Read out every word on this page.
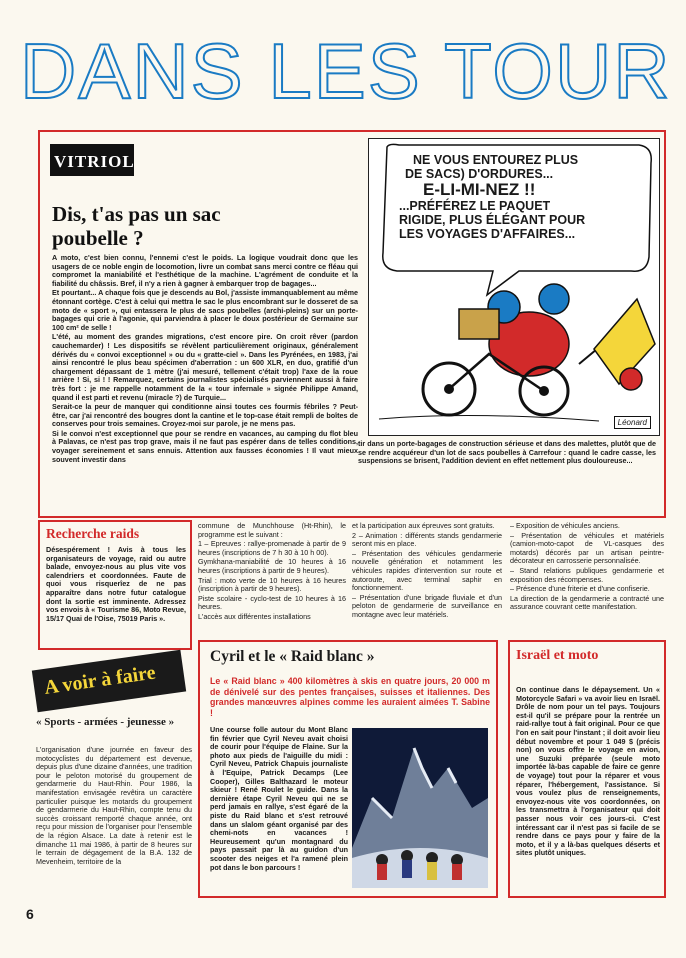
DANS LES TOUR
VITRIOL
Dis, t'as pas un sac poubelle ?
NE VOUS ENTOUREZ PLUS
DE SACS) D'ORDURES...
E-LI-MI-NEZ !!
...PRÉFÉREZ LE PAQUET
RIGIDE, PLUS ÉLÉGANT POUR
LES VOYAGES D'AFFAIRES...
Léonard

A moto, c'est bien connu, l'ennemi c'est le poids. La logique voudrait donc que les usagers de ce noble engin de locomotion, livre un combat sans merci contre ce fléau qui compromet la maniabilité et l'esthétique de la machine. L'agrément de conduite et la fiabilité du châssis. Bref, il n'y a rien à gagner à embarquer trop de bagages...

Et pourtant... A chaque fois que je descends au Bol, j'assiste immanquablement au même étonnant cortège. C'est à celui qui mettra le sac le plus encombrant sur le dosseret de sa moto de « sport », qui entassera le plus de sacs poubelles (archi-pleins) sur un porte-bagages qui crie à l'agonie, qui parviendra à placer le doux postérieur de Germaine sur 100 cm² de selle !

L'été, au moment des grandes migrations, c'est encore pire. On croit rêver (pardon cauchemarder) ! Les dispositifs se révèlent particulièrement originaux, généralement dérivés du « convoi exceptionnel » ou du « gratte-ciel ». Dans les Pyrénées, en 1983, j'ai ainsi rencontré le plus beau spécimen d'aberration : un 600 XLR, en duo, gratifié d'un chargement dépassant de 1 mètre (j'ai mesuré, tellement c'était trop) l'axe de la roue arrière ! Si, si ! ! Remarquez, certains journalistes spécialisés parviennent aussi à faire très fort : je me rappelle notamment de la « tour infernale » signée Philippe Amand, quand il est parti et revenu (miracle ?) de Turquie...

Serait-ce la peur de manquer qui conditionne ainsi toutes ces fourmis fébriles ? Peut-être, car j'ai rencontré des bougres dont la cantine et le top-case était rempli de boîtes de conserves pour trois semaines. Croyez-moi sur parole, je ne mens pas.

Si le convoi n'est exceptionnel que pour se rendre en vacances, au camping du flot bleu à Palavas, ce n'est pas trop grave, mais il ne faut pas espérer dans de telles conditions, voyager sereinement et sans ennuis. Attention aux fausses économies ! Il vaut mieux souvent investir dans

tir dans un porte-bagages de construction sérieuse et dans des malettes, plutôt que de se rendre acquéreur d'un lot de sacs poubelles à Carrefour : quand le cadre casse, les suspensions se brisent, l'addition devient en effet nettement plus douloureuse...
Recherche raids
Désespérement ! Avis à tous les organisateurs de voyage, raid ou autre balade, envoyez-nous au plus vite vos calendriers et coordonnées. Faute de quoi vous risquerîez de ne pas apparaître dans notre futur catalogue dont la sortie est imminente. Adressez vos envois à « Tourisme 86, Moto Revue, 15/17 Quai de l'Oise, 75019 Paris ».

commune de Munchhouse (Ht-Rhin), le programme est le suivant :

1 – Epreuves : rallye-promenade à partir de 9 heures (inscriptions de 7 h 30 à 10 h 00).

Gymkhana-maniabilité de 10 heures à 16 heures (inscriptions à partir de 9 heures).

Trial : moto verte de 10 heures à 16 heures (inscription à partir de 9 heures).

Piste scolaire - cyclo-test de 10 heures à 16 heures.

L'accès aux différentes installations

et la participation aux épreuves sont gratuits.

2 – Animation : différents stands gendarmerie seront mis en place.

– Présentation des véhicules gendarmerie nouvelle génération et notamment les véhicules rapides d'intervention sur route et autoroute, avec terminal saphir en fonctionnement.

– Présentation d'une brigade fluviale et d'un peloton de gendarmerie de surveillance en montagne avec leur matériels.

– Exposition de véhicules anciens.

– Présentation de véhicules et matériels (camion-moto-capot de VL-casques des motards) décorés par un artisan peintre-décorateur en carrosserie personnalisée.

– Stand relations publiques gendarmerie et exposition des récompenses.

– Présence d'une friterie et d'une confiserie.

La direction de la gendarmerie a contracté une assurance couvrant cette manifestation.

A voir à faire
« Sports - armées - jeunesse »
L'organisation d'une journée en faveur des motocyclistes du département est devenue, depuis plus d'une dizaine d'années, une tradition pour le peloton motorisé du groupement de gendarmerie du Haut-Rhin. Pour 1986, la manifestation envisagée revêtira un caractère particulier puisque les motards du groupement de gendarmerie du Haut-Rhin, compte tenu du succès croissant remporté chaque année, ont reçu pour mission de l'organiser pour l'ensemble de la région Alsace. La date à retenir est le dimanche 11 mai 1986, à partir de 8 heures sur le terrain de dégagement de la B.A. 132 de Mevenheim, territoire de la
Cyril et le « Raid blanc »
Le « Raid blanc » 400 kilomètres à skis en quatre jours, 20 000 m de dénivelé sur des pentes françaises, suisses et italiennes. Des grandes manœuvres alpines comme les auraient aimées T. Sabine !
Une course folle autour du Mont Blanc fin février que Cyril Neveu avait choisi de courir pour l'équipe de Flaine. Sur la photo aux pieds de l'aiguille du midi : Cyril Neveu, Patrick Chapuis journaliste à l'Equipe, Patrick Decamps (Lee Cooper), Gilles Balthazard le moteur skieur ! René Roulet le guide. Dans la dernière étape Cyril Neveu qui ne se perd jamais en rallye, s'est égaré de la piste du Raid blanc et s'est retrouvé dans un slalom géant organisé par des chemi-nots en vacances ! Heureusement qu'un montagnard du pays passait par là au guidon d'un scooter des neiges et l'a ramené plein pot dans le bon parcours !
Israël et moto
On continue dans le dépaysement. Un « Motorcycle Safari » va avoir lieu en Israël. Drôle de nom pour un tel pays. Toujours est-il qu'il se prépare pour la rentrée un raid-rallye tout à fait original. Pour ce que l'on en sait pour l'instant ; il doit avoir lieu début novembre et pour 1 049 $ (précis non) on vous offre le voyage en avion, une Suzuki préparée (seule moto importée là-bas capable de faire ce genre de voyage) tout pour la réparer et vous réparer, l'hébergement, l'assistance. Si vous voulez plus de renseignements, envoyez-nous vite vos coordonnées, on les transmettra à l'organisateur qui doit passer nous voir ces jours-ci. C'est intéressant car il n'est pas si facile de se rendre dans ce pays pour y faire de la moto, et il y a là-bas quelques déserts et sites plutôt uniques.
6
